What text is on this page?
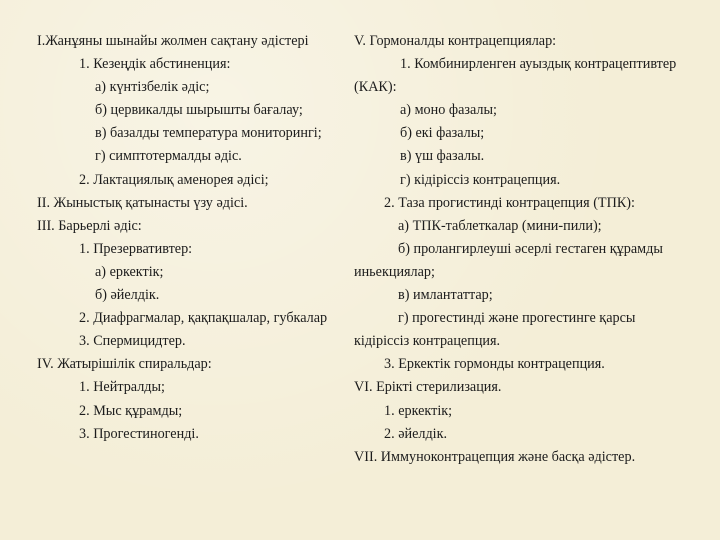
I.Жанұяны шынайы жолмен сақтану әдістері
1. Кезеңдік абстиненция:
а) күнтізбелік әдіс;
б) цервикалды шырышты бағалау;
в) базалды температура мониторингі;
г) симптотермалды әдіс.
2. Лактациялық аменорея әдісі;
II. Жыныстық қатынасты үзу әдісі.
III. Барьерлі әдіс:
1. Презервативтер:
а) еркектік;
б) әйелдік.
2. Диафрагмалар, қақпақшалар, губкалар
3. Спермицидтер.
IV. Жатырішілік спиральдар:
1. Нейтралды;
2. Мыс құрамды;
3. Прогестиногенді.
V. Гормоналды контрацепциялар:
1. Комбинирленген ауыздық контрацептивтер (КАК):
а) моно фазалы;
б) екі фазалы;
в) үш фазалы.
г) кідіріссіз контрацепция.
2. Таза прогистинді контрацепция (ТПК):
а) ТПК-таблеткалар (мини-пили);
б) пролангирлеушi әсерлі гестаген құрамды иньекциялар;
в) имлантаттар;
г) прогестинді және прогестинге қарсы кідіріссіз контрацепция.
3. Еркектік гормонды контрацепция.
VI. Ерікті стерилизация.
1. еркектік;
2. әйелдік.
VII. Иммуноконтрацепция және басқа әдістер.
